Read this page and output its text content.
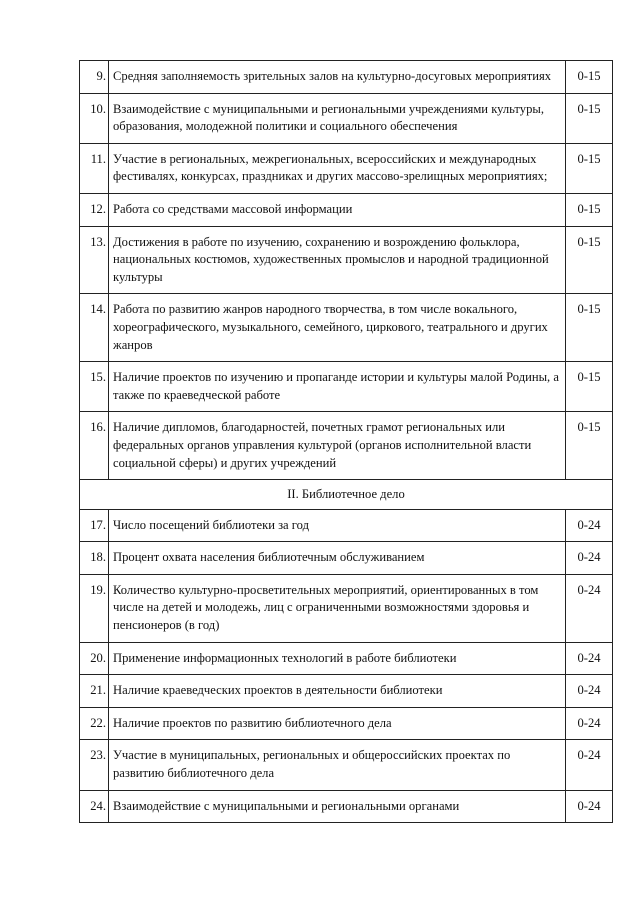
9.	Средняя заполняемость зрительных залов на культурно-досуговых мероприятиях	0-15
10.	Взаимодействие с муниципальными и региональными учреждениями культуры, образования, молодежной политики и социального обеспечения	0-15
11.	Участие в региональных, межрегиональных, всероссийских и международных фестивалях, конкурсах, праздниках и других массово-зрелищных мероприятиях;	0-15
12.	Работа со средствами массовой информации	0-15
13.	Достижения в работе по изучению, сохранению и возрождению фольклора, национальных костюмов, художественных промыслов и народной традиционной культуры	0-15
14.	Работа по развитию жанров народного творчества, в том числе вокального, хореографического, музыкального, семейного, циркового, театрального и других жанров	0-15
15.	Наличие проектов по изучению и пропаганде истории и культуры малой Родины, а также по краеведческой работе	0-15
16.	Наличие дипломов, благодарностей, почетных грамот региональных или федеральных органов управления культурой (органов исполнительной власти социальной сферы) и других учреждений	0-15
II. Библиотечное дело		
17.	Число посещений библиотеки за год	0-24
18.	Процент охвата населения библиотечным обслуживанием	0-24
19.	Количество культурно-просветительных мероприятий, ориентированных в том числе на детей и молодежь, лиц с ограниченными возможностями здоровья и пенсионеров (в год)	0-24
20.	Применение информационных технологий в работе библиотеки	0-24
21.	Наличие краеведческих проектов в деятельности библиотеки	0-24
22.	Наличие проектов по развитию библиотечного дела	0-24
23.	Участие в муниципальных, региональных и общероссийских проектах по развитию библиотечного дела	0-24
24.	Взаимодействие с муниципальными и региональными органами	0-24
